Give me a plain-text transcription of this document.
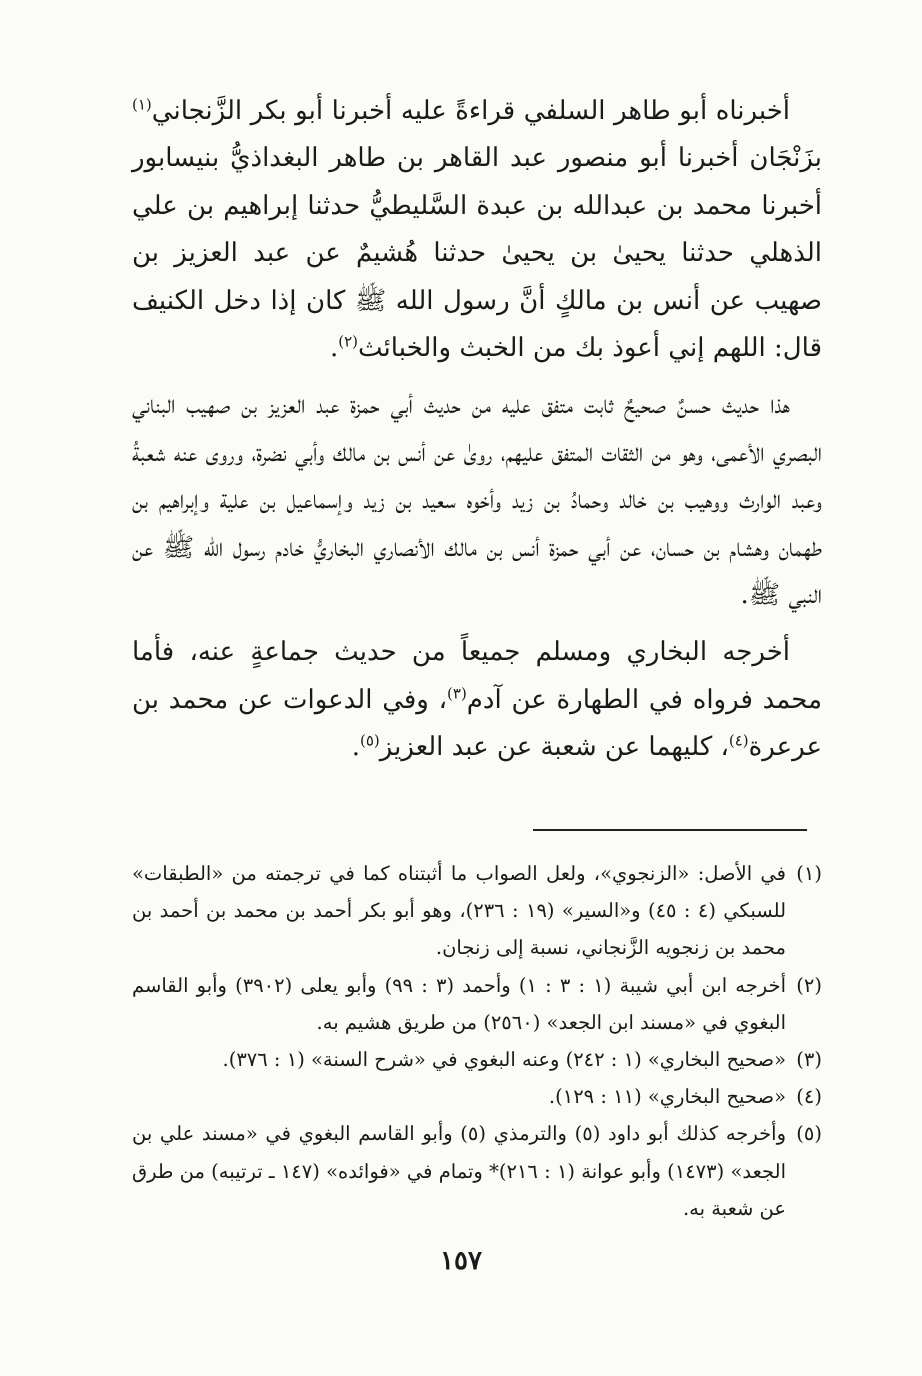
أخبرناه أبو طاهر السلفي قراءةً عليه أخبرنا أبو بكر الزَّنجاني$^{(١)}$ بزَنْجَان أخبرنا أبو منصور عبد القاهر بن طاهر البغداذيُّ بنيسابور أخبرنا محمد بن عبدالله بن عبدة السَّليطيُّ حدثنا إبراهيم بن علي الذهلي حدثنا يحيىٰ بن يحيىٰ حدثنا هُشيمٌ عن عبد العزيز بن صهيب عن أنس بن مالكٍ أنَّ رسول الله ﷺ كان إذا دخل الكنيف قال: اللهم إني أعوذ بك من الخبث والخبائث$^{(٢)}$.

هذا حديث حسنٌ صحيحٌ ثابت متفق عليه من حديث أبي حمزة عبد العزيز بن صهيب البناني البصري الأعمى، وهو من الثقات المتفق عليهم، رویٰ عن أنس بن مالك وأبي نضرة، وروى عنه شعبةُ وعبد الوارث ووهيب بن خالد وحمادُ بن زيد وأخوه سعيد بن زيد وإسماعيل بن علية وإبراهيم بن طهمان وهشام بن حسان، عن أبي حمزة أنس بن مالك الأنصاري البخاريُّ خادم رسول الله ﷺ عن النبي ﷺ.

أخرجه البخاري ومسلم جميعاً من حديث جماعةٍ عنه، فأما محمد فرواه في الطهارة عن آدم$^{(٣)}$، وفي الدعوات عن محمد بن عرعرة$^{(٤)}$، كليهما عن شعبة عن عبد العزيز$^{(٥)}$.

(١)
في الأصل: «الزنجوي»، ولعل الصواب ما أثبتناه كما في ترجمته من «الطبقات» للسبكي (٤ : ٤٥) و«السير» (١٩ : ٢٣٦)، وهو أبو بكر أحمد بن محمد بن أحمد بن محمد بن زنجويه الزَّنجاني، نسبة إلى زنجان.
(٢)
أخرجه ابن أبي شيبة (١ : ٣ : ١) وأحمد (٣ : ٩٩) وأبو يعلى (٣٩٠٢) وأبو القاسم البغوي في «مسند ابن الجعد» (٢٥٦٠) من طريق هشيم به.
(٣)
«صحيح البخاري» (١ : ٢٤٢) وعنه البغوي في «شرح السنة» (١ : ٣٧٦).
(٤)
«صحيح البخاري» (١١ : ١٢٩).
(٥)
وأخرجه كذلك أبو داود (٥) والترمذي (٥) وأبو القاسم البغوي في «مسند علي بن الجعد» (١٤٧٣) وأبو عوانة (١ : ٢١٦)* وتمام في «فوائده» (١٤٧ ـ ترتيبه) من طرق عن شعبة به.
١٥٧
